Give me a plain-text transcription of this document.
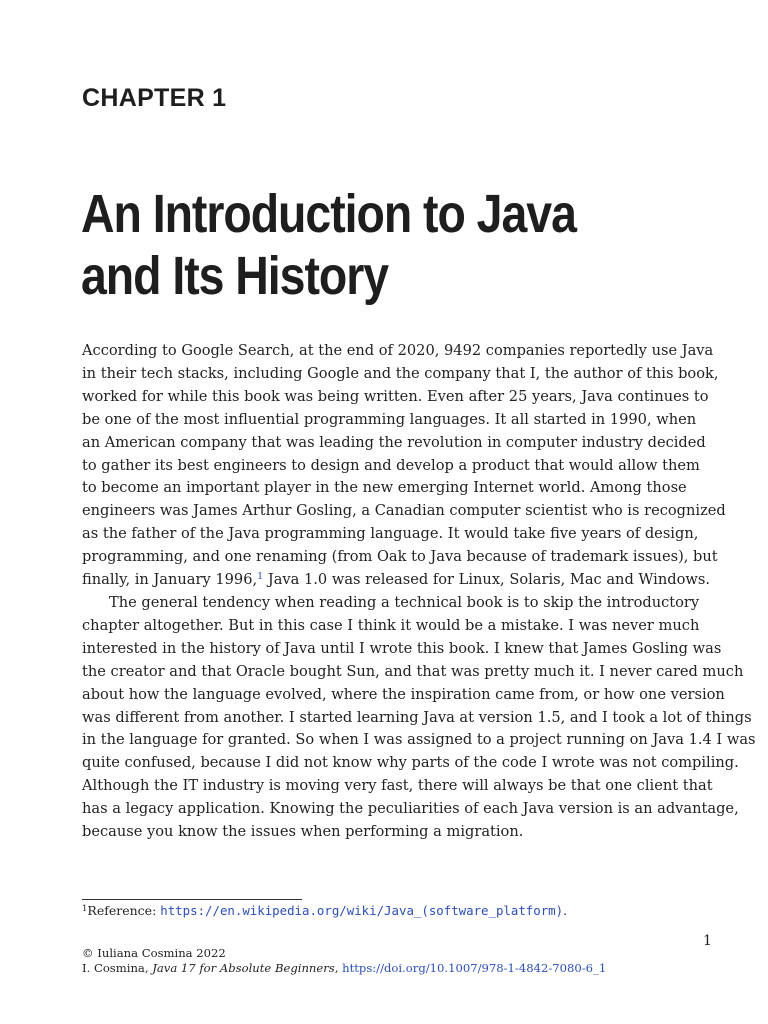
CHAPTER 1
An Introduction to Java
and Its History
According to Google Search, at the end of 2020, 9492 companies reportedly use Java
in their tech stacks, including Google and the company that I, the author of this book,
worked for while this book was being written. Even after 25 years, Java continues to
be one of the most influential programming languages. It all started in 1990, when
an American company that was leading the revolution in computer industry decided
to gather its best engineers to design and develop a product that would allow them
to become an important player in the new emerging Internet world. Among those
engineers was James Arthur Gosling, a Canadian computer scientist who is recognized
as the father of the Java programming language. It would take five years of design,
programming, and one renaming (from Oak to Java because of trademark issues), but
finally, in January 1996,$^1$ Java 1.0 was released for Linux, Solaris, Mac and Windows.
The general tendency when reading a technical book is to skip the introductory
chapter altogether. But in this case I think it would be a mistake. I was never much
interested in the history of Java until I wrote this book. I knew that James Gosling was
the creator and that Oracle bought Sun, and that was pretty much it. I never cared much
about how the language evolved, where the inspiration came from, or how one version
was different from another. I started learning Java at version 1.5, and I took a lot of things
in the language for granted. So when I was assigned to a project running on Java 1.4 I was
quite confused, because I did not know why parts of the code I wrote was not compiling.
Although the IT industry is moving very fast, there will always be that one client that
has a legacy application. Knowing the peculiarities of each Java version is an advantage,
because you know the issues when performing a migration.
$^1$Reference: https://en.wikipedia.org/wiki/Java_(software_platform).
1
© Iuliana Cosmina 2022
I. Cosmina, Java 17 for Absolute Beginners, https://doi.org/10.1007/978-1-4842-7080-6_1
